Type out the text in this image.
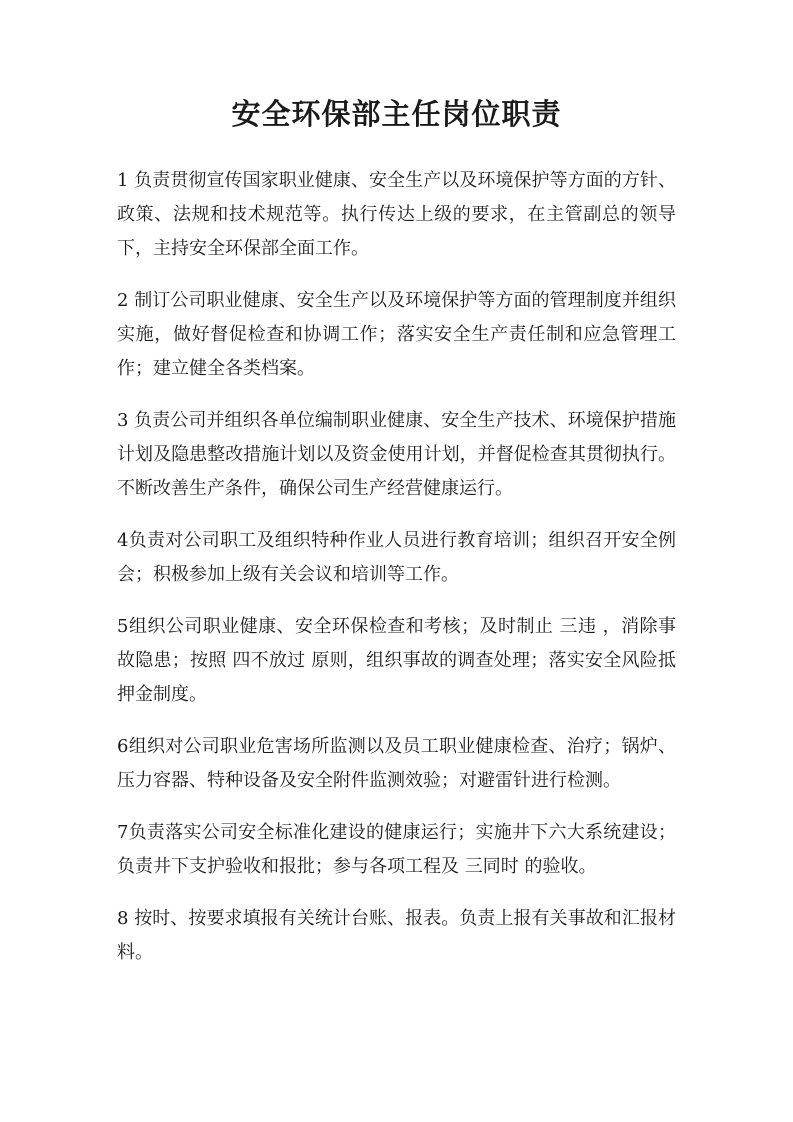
安全环保部主任岗位职责

1 负责贯彻宣传国家职业健康、安全生产以及环境保护等方面的方针、政策、法规和技术规范等。执行传达上级的要求，在主管副总的领导下，主持安全环保部全面工作。

2 制订公司职业健康、安全生产以及环境保护等方面的管理制度并组织实施，做好督促检查和协调工作；落实安全生产责任制和应急管理工作；建立健全各类档案。

3 负责公司并组织各单位编制职业健康、安全生产技术、环境保护措施计划及隐患整改措施计划以及资金使用计划，并督促检查其贯彻执行。不断改善生产条件，确保公司生产经营健康运行。

4负责对公司职工及组织特种作业人员进行教育培训；组织召开安全例会；积极参加上级有关会议和培训等工作。

5组织公司职业健康、安全环保检查和考核；及时制止 三违 ，消除事故隐患；按照 四不放过 原则，组织事故的调查处理；落实安全风险抵押金制度。

6组织对公司职业危害场所监测以及员工职业健康检查、治疗；锅炉、压力容器、特种设备及安全附件监测效验；对避雷针进行检测。

7负责落实公司安全标准化建设的健康运行；实施井下六大系统建设；负责井下支护验收和报批；参与各项工程及 三同时 的验收。

8 按时、按要求填报有关统计台账、报表。负责上报有关事故和汇报材料。
